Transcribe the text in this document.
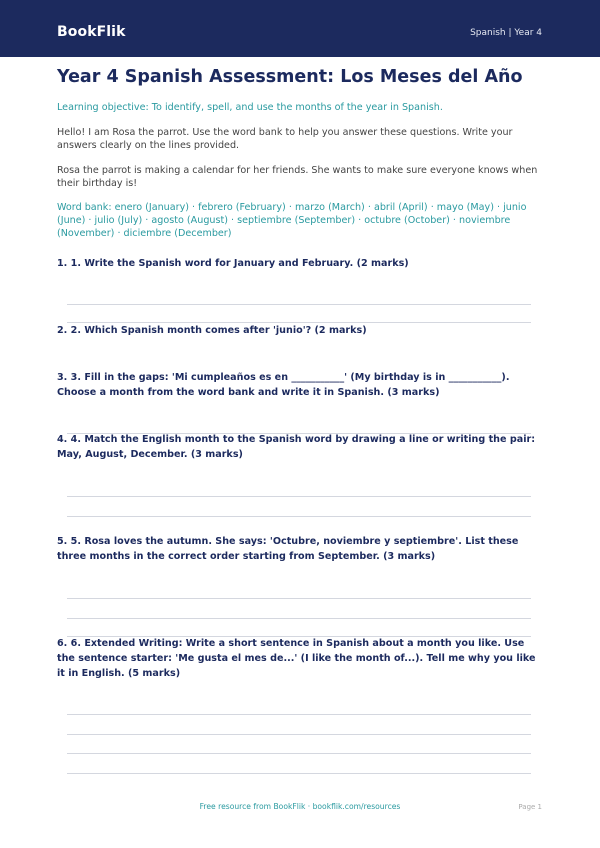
BookFlik	Spanish | Year 4
Year 4 Spanish Assessment: Los Meses del Año
Learning objective: To identify, spell, and use the months of the year in Spanish.
Hello! I am Rosa the parrot. Use the word bank to help you answer these questions. Write your answers clearly on the lines provided.
Rosa the parrot is making a calendar for her friends. She wants to make sure everyone knows when their birthday is!
Word bank: enero (January) · febrero (February) · marzo (March) · abril (April) · mayo (May) · junio (June) · julio (July) · agosto (August) · septiembre (September) · octubre (October) · noviembre (November) · diciembre (December)

1. 1. Write the Spanish word for January and February. (2 marks)

2. 2. Which Spanish month comes after 'junio'? (2 marks)

3. 3. Fill in the gaps: 'Mi cumpleaños es en ___________' (My birthday is in ___________). Choose a month from the word bank and write it in Spanish. (3 marks)

4. 4. Match the English month to the Spanish word by drawing a line or writing the pair: May, August, December. (3 marks)

5. 5. Rosa loves the autumn. She says: 'Octubre, noviembre y septiembre'. List these three months in the correct order starting from September. (3 marks)

6. 6. Extended Writing: Write a short sentence in Spanish about a month you like. Use the sentence starter: 'Me gusta el mes de...' (I like the month of...). Tell me why you like it in English. (5 marks)

Free resource from BookFlik · bookflik.com/resources	Page 1
